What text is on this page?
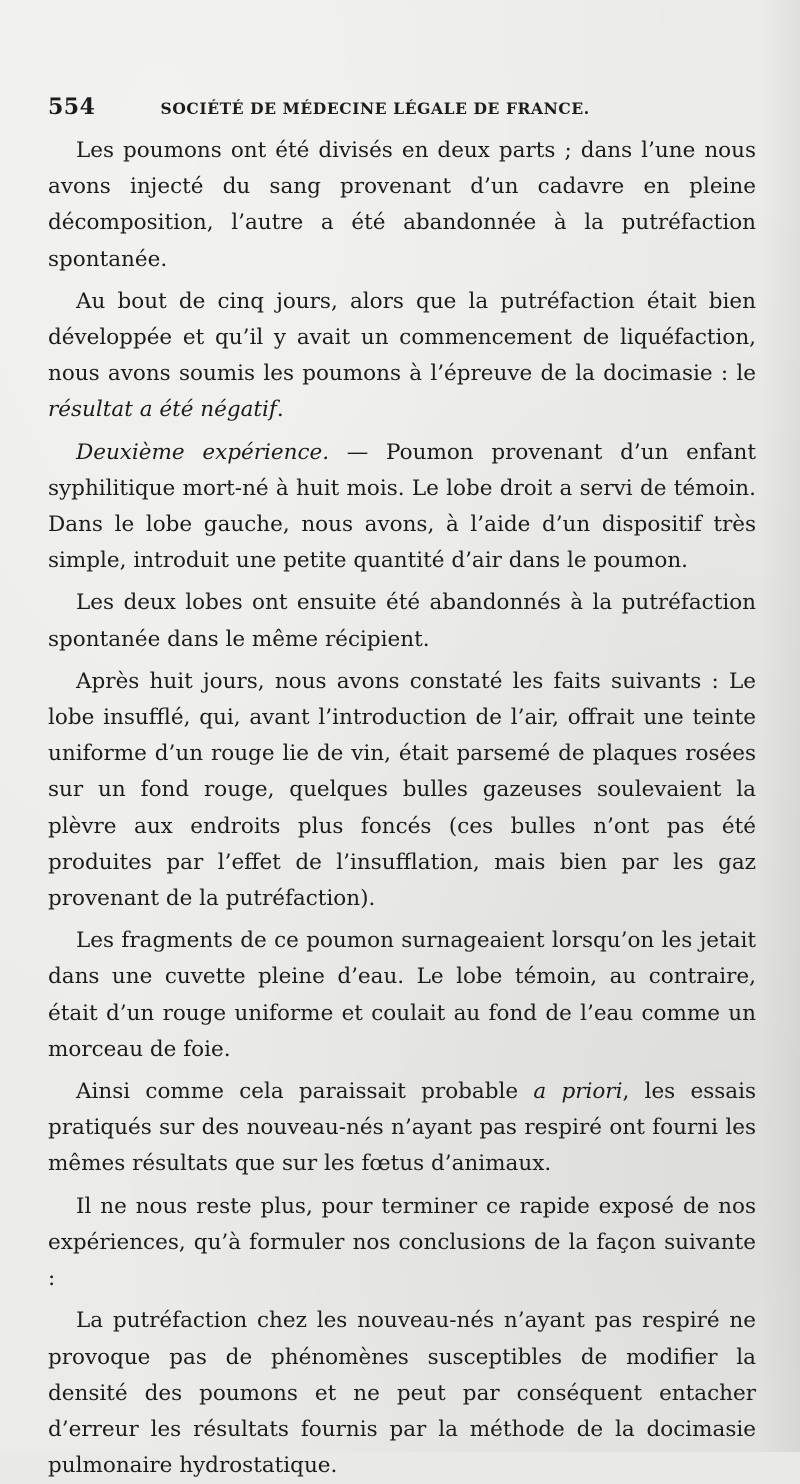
554	SOCIÉTÉ DE MÉDECINE LÉGALE DE FRANCE.

Les poumons ont été divisés en deux parts ; dans l’une nous avons injecté du sang provenant d’un cadavre en pleine décomposition, l’autre a été abandonnée à la putréfaction spontanée.

Au bout de cinq jours, alors que la putréfaction était bien développée et qu’il y avait un commencement de liquéfaction, nous avons soumis les poumons à l’épreuve de la docimasie : le résultat a été négatif.

Deuxième expérience. — Poumon provenant d’un enfant syphilitique mort-né à huit mois. Le lobe droit a servi de témoin. Dans le lobe gauche, nous avons, à l’aide d’un dispositif très simple, introduit une petite quantité d’air dans le poumon.

Les deux lobes ont ensuite été abandonnés à la putréfaction spontanée dans le même récipient.

Après huit jours, nous avons constaté les faits suivants : Le lobe insufflé, qui, avant l’introduction de l’air, offrait une teinte uniforme d’un rouge lie de vin, était parsemé de plaques rosées sur un fond rouge, quelques bulles gazeuses soulevaient la plèvre aux endroits plus foncés (ces bulles n’ont pas été produites par l’effet de l’insufflation, mais bien par les gaz provenant de la putréfaction).

Les fragments de ce poumon surnageaient lorsqu’on les jetait dans une cuvette pleine d’eau. Le lobe témoin, au contraire, était d’un rouge uniforme et coulait au fond de l’eau comme un morceau de foie.

Ainsi comme cela paraissait probable a priori, les essais pratiqués sur des nouveau-nés n’ayant pas respiré ont fourni les mêmes résultats que sur les fœtus d’animaux.

Il ne nous reste plus, pour terminer ce rapide exposé de nos expériences, qu’à formuler nos conclusions de la façon suivante :

La putréfaction chez les nouveau-nés n’ayant pas respiré ne provoque pas de phénomènes susceptibles de modifier la densité des poumons et ne peut par conséquent entacher d’erreur les résultats fournis par la méthode de la docimasie pulmonaire hydrostatique.
